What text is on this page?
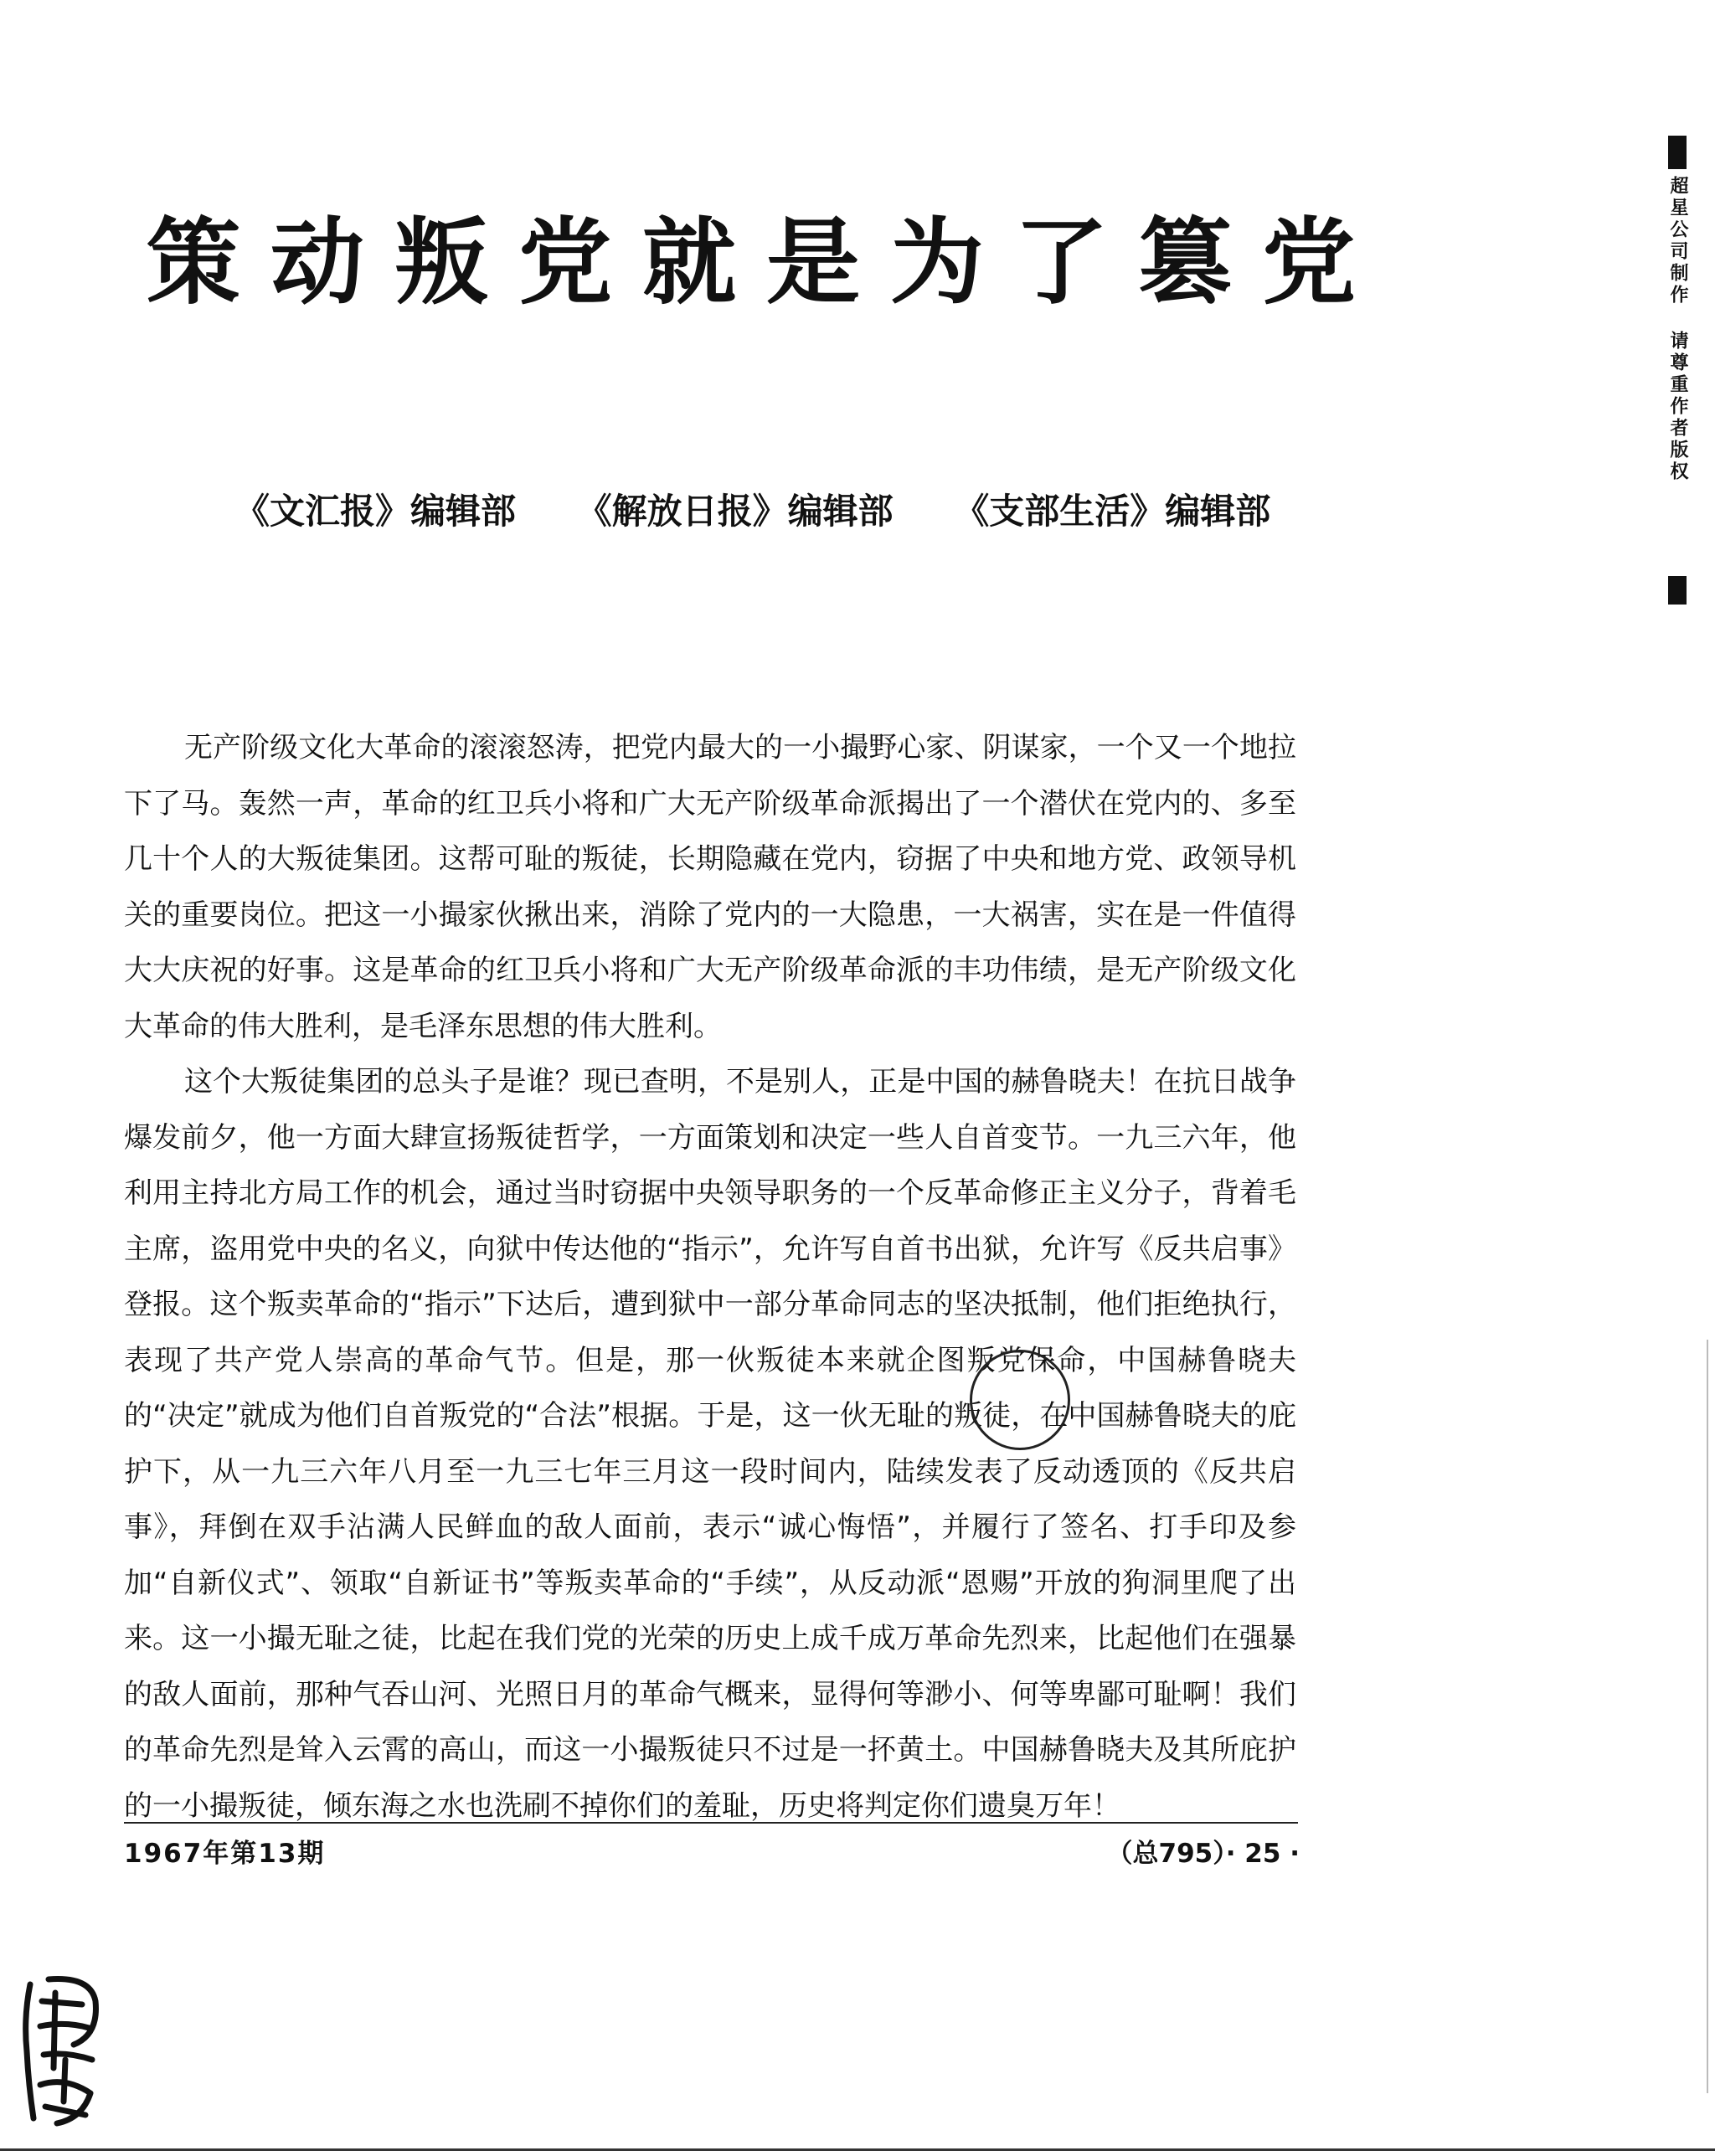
策动叛党就是为了篡党
《文汇报》编辑部 《解放日报》编辑部 《支部生活》编辑部

无产阶级文化大革命的滚滚怒涛，把党内最大的一小撮野心家、阴谋家，一个又一个地拉下了马。轰然一声，革命的红卫兵小将和广大无产阶级革命派揭出了一个潜伏在党内的、多至几十个人的大叛徒集团。这帮可耻的叛徒，长期隐藏在党内，窃据了中央和地方党、政领导机关的重要岗位。把这一小撮家伙揪出来，消除了党内的一大隐患，一大祸害，实在是一件值得大大庆祝的好事。这是革命的红卫兵小将和广大无产阶级革命派的丰功伟绩，是无产阶级文化大革命的伟大胜利，是毛泽东思想的伟大胜利。

这个大叛徒集团的总头子是谁？现已查明，不是别人，正是中国的赫鲁晓夫！在抗日战争爆发前夕，他一方面大肆宣扬叛徒哲学，一方面策划和决定一些人自首变节。一九三六年，他利用主持北方局工作的机会，通过当时窃据中央领导职务的一个反革命修正主义分子，背着毛主席，盗用党中央的名义，向狱中传达他的“指示”，允许写自首书出狱，允许写《反共启事》登报。这个叛卖革命的“指示”下达后，遭到狱中一部分革命同志的坚决抵制，他们拒绝执行，表现了共产党人崇高的革命气节。但是，那一伙叛徒本来就企图叛党保命，中国赫鲁晓夫的“决定”就成为他们自首叛党的“合法”根据。于是，这一伙无耻的叛徒，在中国赫鲁晓夫的庇护下，从一九三六年八月至一九三七年三月这一段时间内，陆续发表了反动透顶的《反共启事》，拜倒在双手沾满人民鲜血的敌人面前，表示“诚心悔悟”，并履行了签名、打手印及参加“自新仪式”、领取“自新证书”等叛卖革命的“手续”，从反动派“恩赐”开放的狗洞里爬了出来。这一小撮无耻之徒，比起在我们党的光荣的历史上成千成万革命先烈来，比起他们在强暴的敌人面前，那种气吞山河、光照日月的革命气概来，显得何等渺小、何等卑鄙可耻啊！我们的革命先烈是耸入云霄的高山，而这一小撮叛徒只不过是一抔黄土。中国赫鲁晓夫及其所庇护的一小撮叛徒，倾东海之水也洗刷不掉你们的羞耻，历史将判定你们遗臭万年！

1967年第13期	（总795）· 25 ·
超星公司制作 请尊重作者版权
